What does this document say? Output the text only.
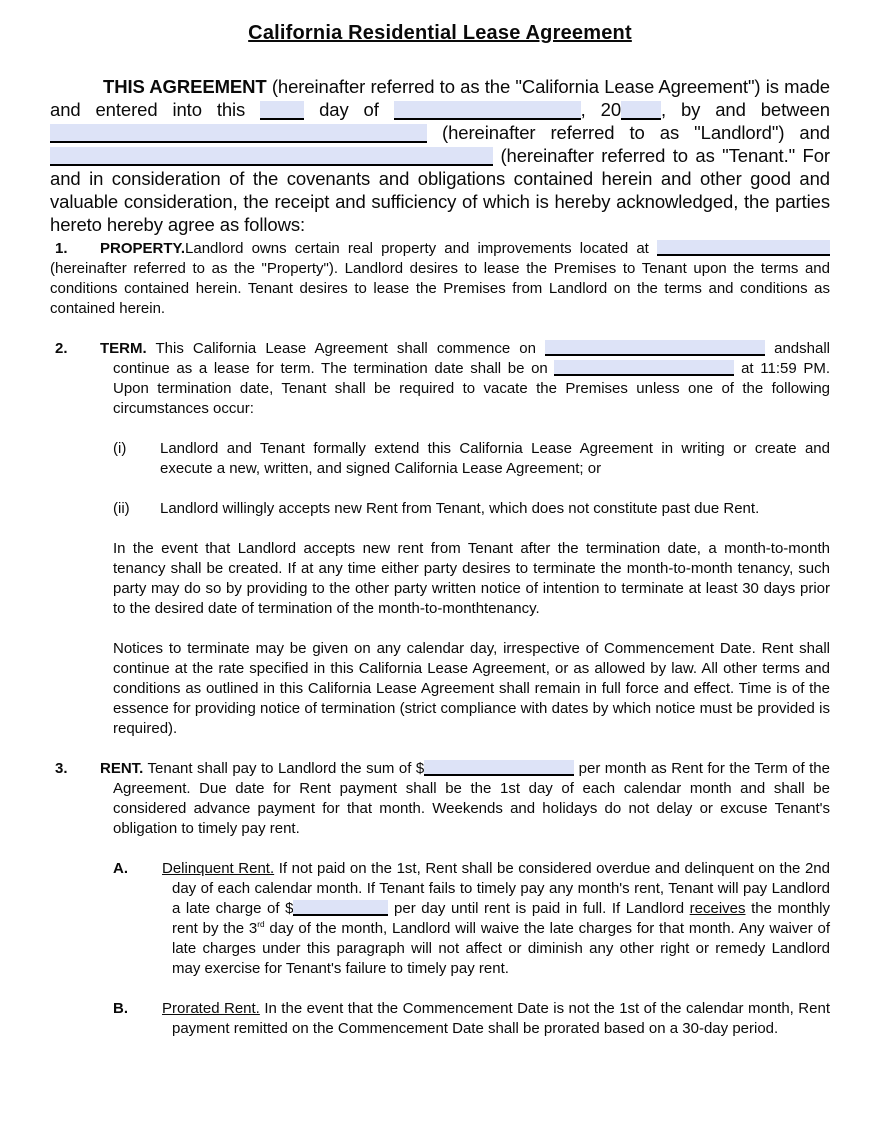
California Residential Lease Agreement

THIS AGREEMENT (hereinafter referred to as the "California Lease Agreement") is made and entered into this  day of	, 20 , by and between  (hereinafter referred to as "Landlord") and  (hereinafter referred to as "Tenant." For and in consideration of the covenants and obligations contained herein and other good and valuable consideration, the receipt and sufficiency of which is hereby acknowledged, the parties hereto hereby agree as follows:

1. PROPERTY.Landlord owns certain real property and improvements located at  (hereinafter referred to as the "Property"). Landlord desires to lease the Premises to Tenant upon the terms and conditions contained herein. Tenant desires to lease the Premises from Landlord on the terms and conditions as contained herein.

2. TERM. This California Lease Agreement shall commence on	andshall continue as a lease for term. The termination date shall be on	at 11:59 PM. Upon termination date, Tenant shall be required to vacate the Premises unless one of the following circumstances occur:

(i) Landlord and Tenant formally extend this California Lease Agreement in writing or create and execute a new, written, and signed California Lease Agreement; or

(ii) Landlord willingly accepts new Rent from Tenant, which does not constitute past due Rent.

In the event that Landlord accepts new rent from Tenant after the termination date, a month-to-month tenancy shall be created. If at any time either party desires to terminate the month-to-month tenancy, such party may do so by providing to the other party written notice of intention to terminate at least 30 days prior to the desired date of termination of the month-to-monthtenancy.

Notices to terminate may be given on any calendar day, irrespective of Commencement Date. Rent shall continue at the rate specified in this California Lease Agreement, or as allowed by law. All other terms and conditions as outlined in this California Lease Agreement shall remain in full force and effect. Time is of the essence for providing notice of termination (strict compliance with dates by which notice must be provided is required).

3. RENT. Tenant shall pay to Landlord the sum of $	per month as Rent for the Term of the Agreement. Due date for Rent payment shall be the 1st day of each calendar month and shall be considered advance payment for that month. Weekends and holidays do not delay or excuse Tenant's obligation to timely pay rent.

A. Delinquent Rent. If not paid on the 1st, Rent shall be considered overdue and delinquent on the 2nd day of each calendar month. If Tenant fails to timely pay any month's rent, Tenant will pay Landlord a late charge of $	per day until rent is paid in full. If Landlord receives the monthly rent by the 3rd day of the month, Landlord will waive the late charges for that month. Any waiver of late charges under this paragraph will not affect or diminish any other right or remedy Landlord may exercise for Tenant's failure to timely pay rent.

B. Prorated Rent. In the event that the Commencement Date is not the 1st of the calendar month, Rent payment remitted on the Commencement Date shall be prorated based on a 30-day period.
